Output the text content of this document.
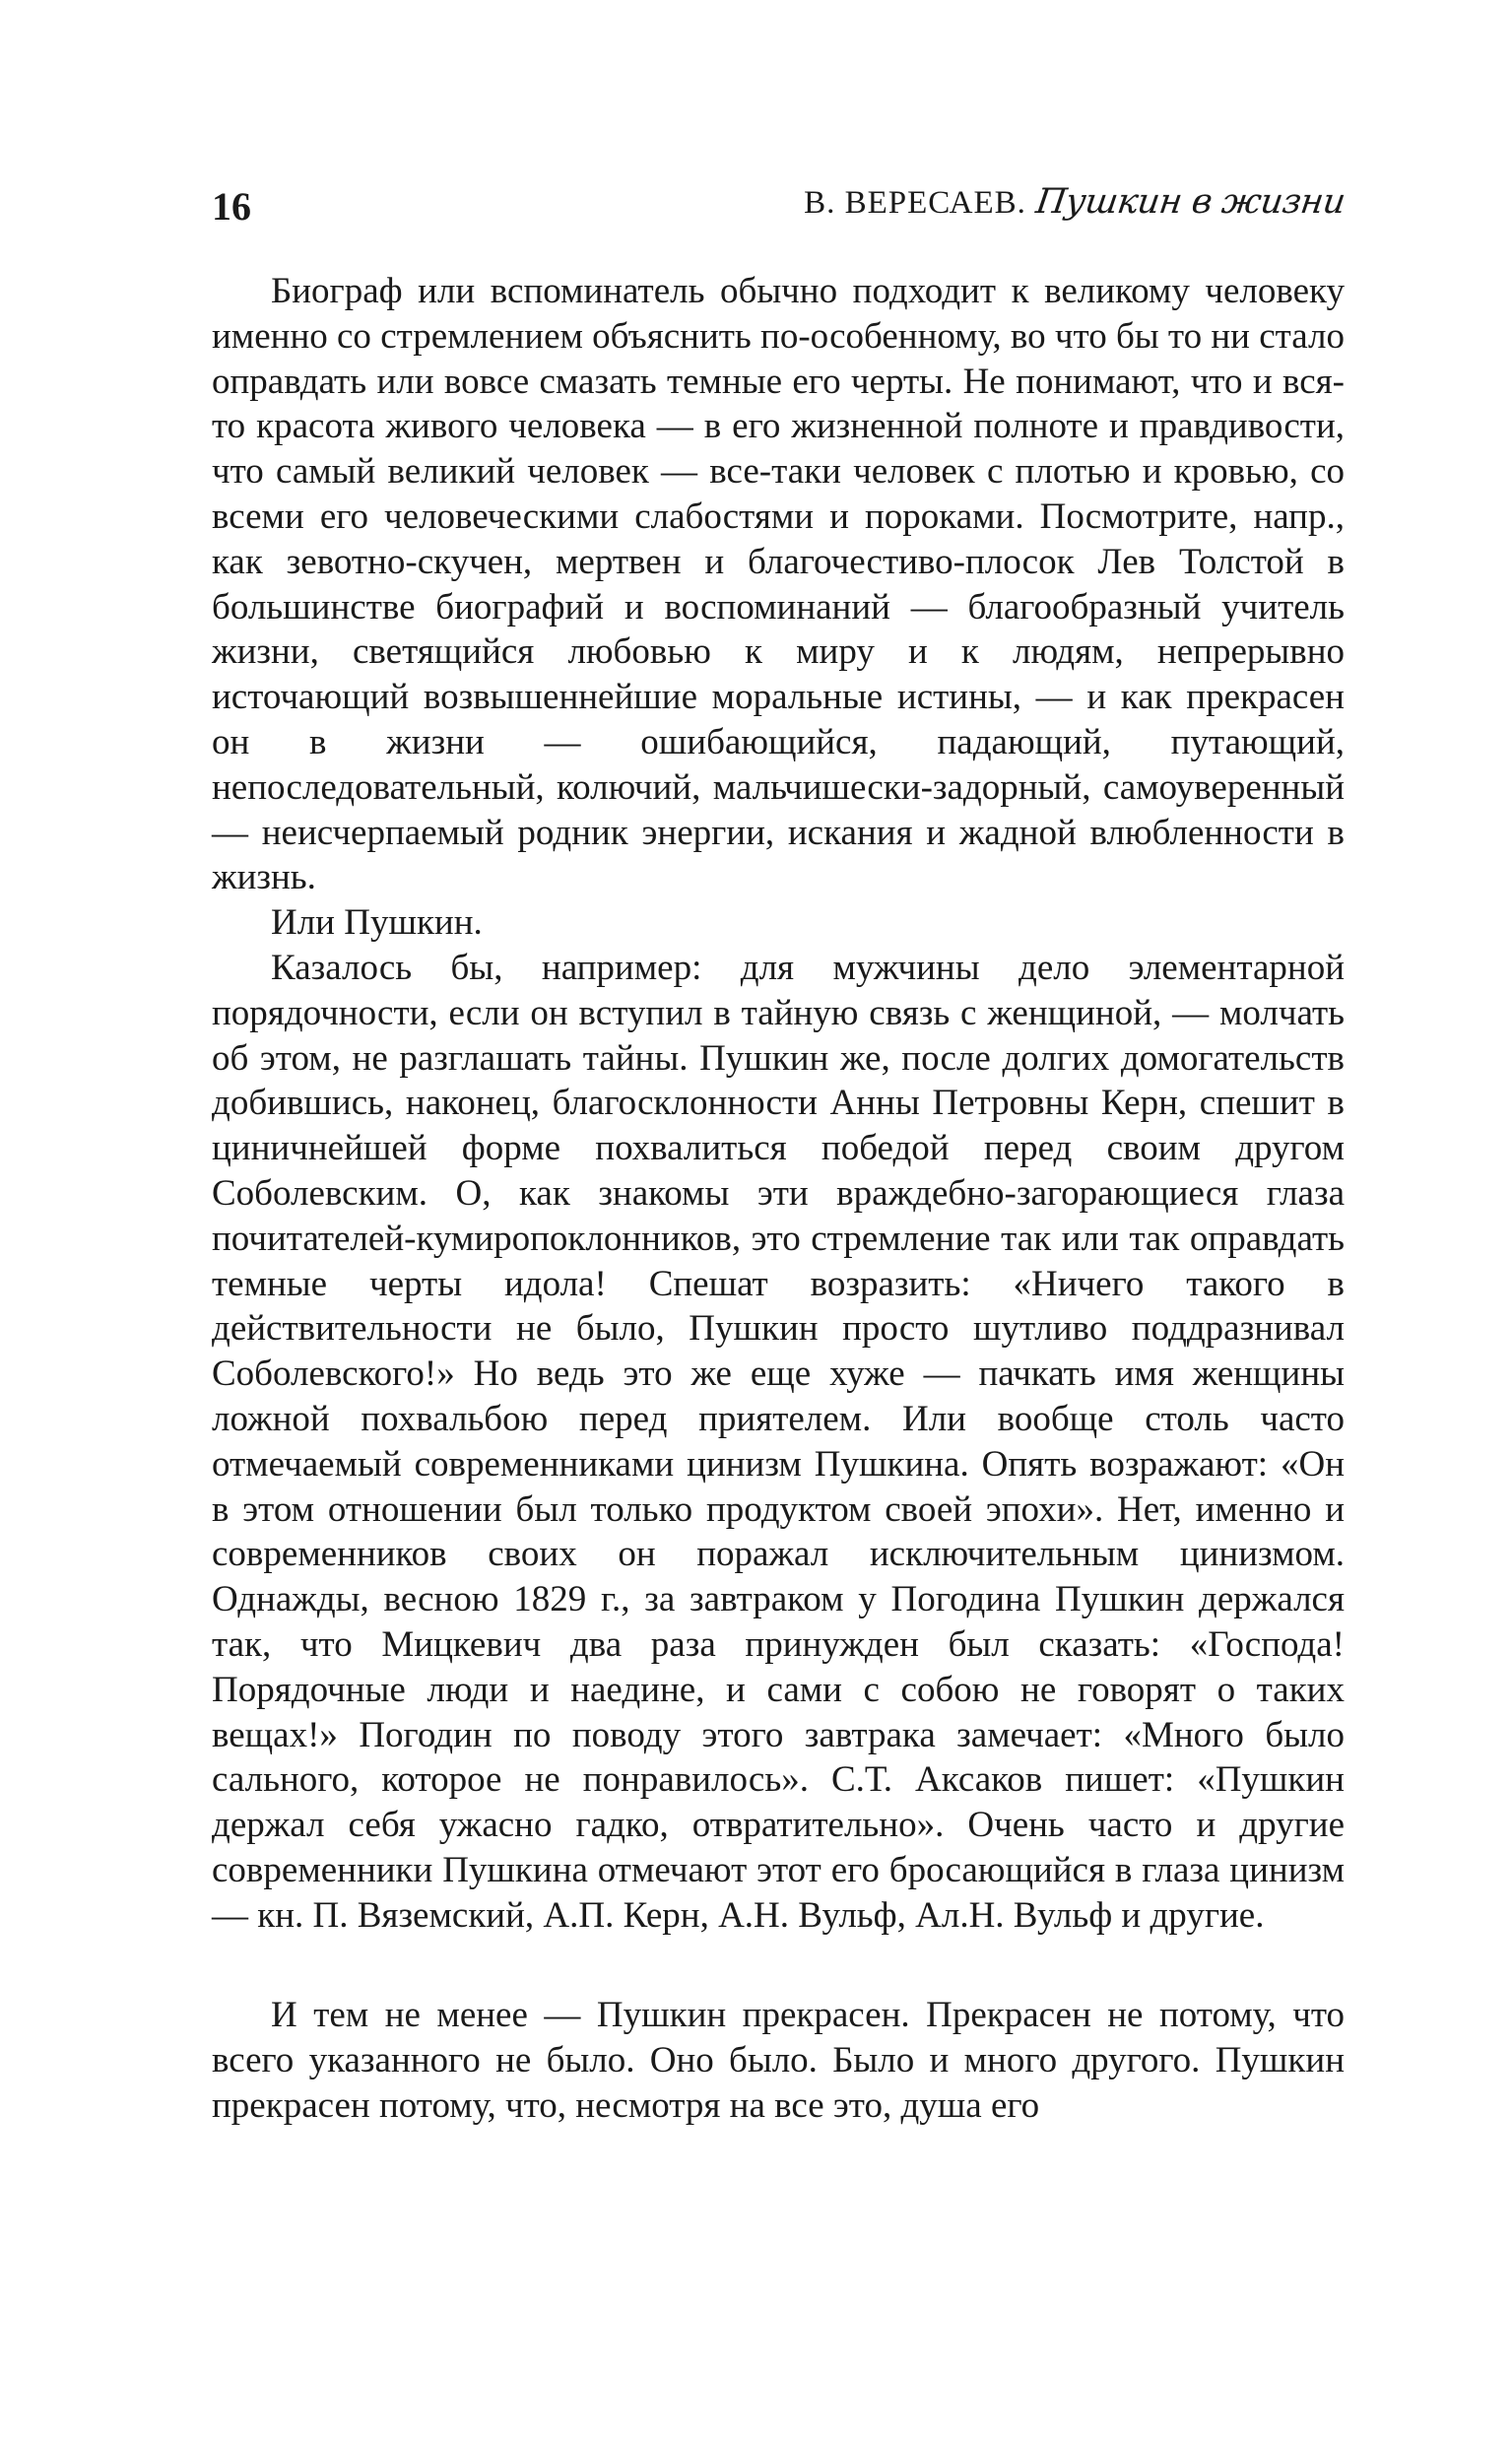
16	В. ВЕРЕСАЕВ. Пушкин в жизни

Биограф или вспоминатель обычно подходит к великому человеку именно со стремлением объяснить по-особенному, во что бы то ни стало оправдать или вовсе смазать темные его черты. Не понимают, что и вся-то красота живого человека — в его жизненной полноте и правдивости, что самый великий человек — все-таки человек с плотью и кровью, со всеми его человеческими слабостями и пороками. Посмотрите, напр., как зевотно-скучен, мертвен и благочестиво-плосок Лев Толстой в большинстве биографий и воспоминаний — благообразный учитель жизни, светящийся любовью к миру и к людям, непрерывно источающий возвышеннейшие моральные истины, — и как прекрасен он в жизни — ошибающийся, падающий, путающий, непоследовательный, колючий, мальчишески-задорный, самоуверенный — неисчерпаемый родник энергии, искания и жадной влюбленности в жизнь.

Или Пушкин.

Казалось бы, например: для мужчины дело элементарной порядочности, если он вступил в тайную связь с женщиной, — молчать об этом, не разглашать тайны. Пушкин же, после долгих домогательств добившись, наконец, благосклонности Анны Петровны Керн, спешит в циничнейшей форме похвалиться победой перед своим другом Соболевским. О, как знакомы эти враждебно-загорающиеся глаза почитателей-кумиропоклонников, это стремление так или так оправдать темные черты идола! Спешат возразить: «Ничего такого в действительности не было, Пушкин просто шутливо поддразнивал Соболевского!» Но ведь это же еще хуже — пачкать имя женщины ложной похвальбою перед приятелем. Или вообще столь часто отмечаемый современниками цинизм Пушкина. Опять возражают: «Он в этом отношении был только продуктом своей эпохи». Нет, именно и современников своих он поражал исключительным цинизмом. Однажды, весною 1829 г., за завтраком у Погодина Пушкин держался так, что Мицкевич два раза принужден был сказать: «Господа! Порядочные люди и наедине, и сами с собою не говорят о таких вещах!» Погодин по поводу этого завтрака замечает: «Много было сального, которое не понравилось». С.Т. Аксаков пишет: «Пушкин держал себя ужасно гадко, отвратительно». Очень часто и другие современники Пушкина отмечают этот его бросающийся в глаза цинизм — кн. П. Вяземский, А.П. Керн, А.Н. Вульф, Ал.Н. Вульф и другие.

И тем не менее — Пушкин прекрасен. Прекрасен не потому, что всего указанного не было. Оно было. Было и много другого. Пушкин прекрасен потому, что, несмотря на все это, душа его
